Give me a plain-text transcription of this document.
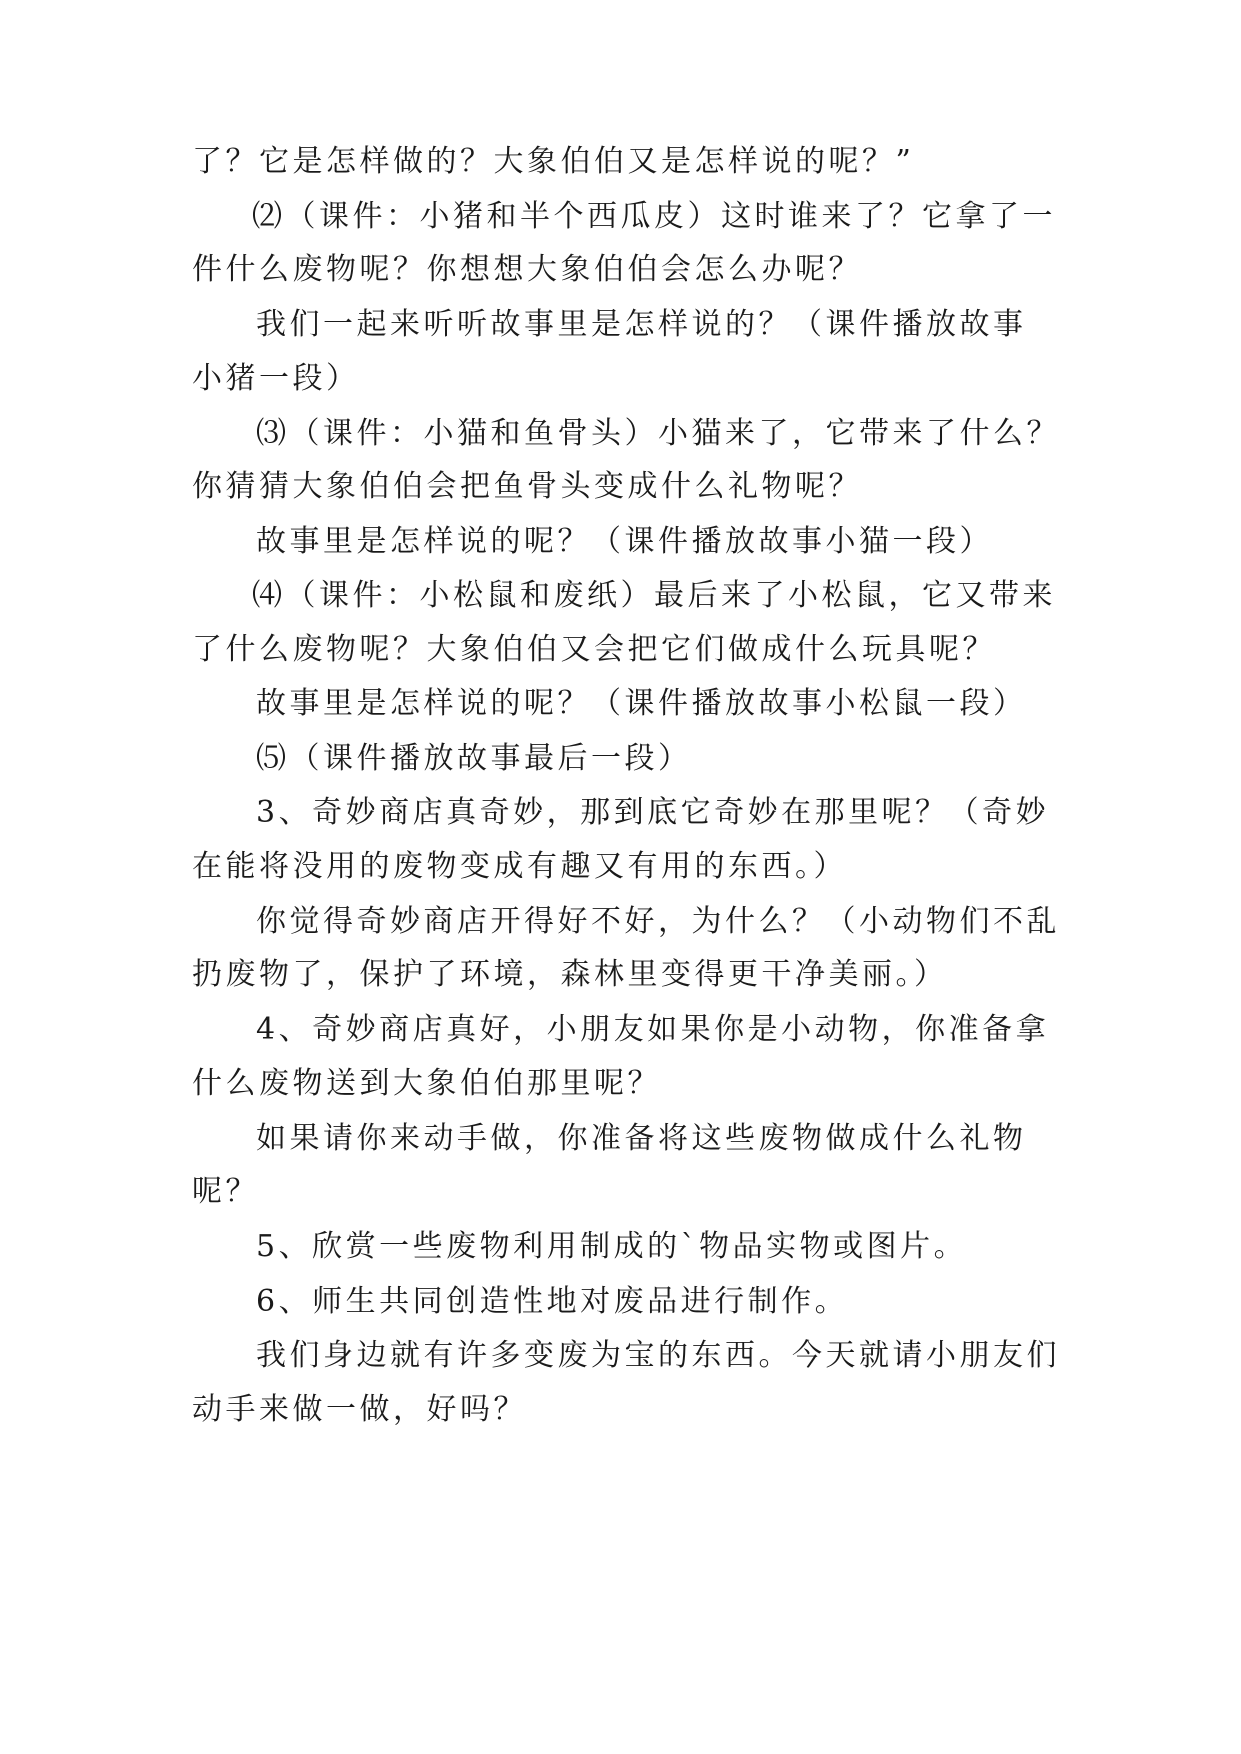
了？它是怎样做的？大象伯伯又是怎样说的呢？”
⑵（课件：小猪和半个西瓜皮）这时谁来了？它拿了一
件什么废物呢？你想想大象伯伯会怎么办呢？
我们一起来听听故事里是怎样说的？（课件播放故事
小猪一段）
⑶（课件：小猫和鱼骨头）小猫来了，它带来了什么？
你猜猜大象伯伯会把鱼骨头变成什么礼物呢？
故事里是怎样说的呢？（课件播放故事小猫一段）
⑷（课件：小松鼠和废纸）最后来了小松鼠，它又带来
了什么废物呢？大象伯伯又会把它们做成什么玩具呢？
故事里是怎样说的呢？（课件播放故事小松鼠一段）
⑸（课件播放故事最后一段）
3、奇妙商店真奇妙，那到底它奇妙在那里呢？（奇妙
在能将没用的废物变成有趣又有用的东西。）
你觉得奇妙商店开得好不好，为什么？（小动物们不乱
扔废物了，保护了环境，森林里变得更干净美丽。）
4、奇妙商店真好，小朋友如果你是小动物，你准备拿
什么废物送到大象伯伯那里呢？
如果请你来动手做，你准备将这些废物做成什么礼物
呢？
5、欣赏一些废物利用制成的`物品实物或图片。
6、师生共同创造性地对废品进行制作。
我们身边就有许多变废为宝的东西。今天就请小朋友们
动手来做一做，好吗？
